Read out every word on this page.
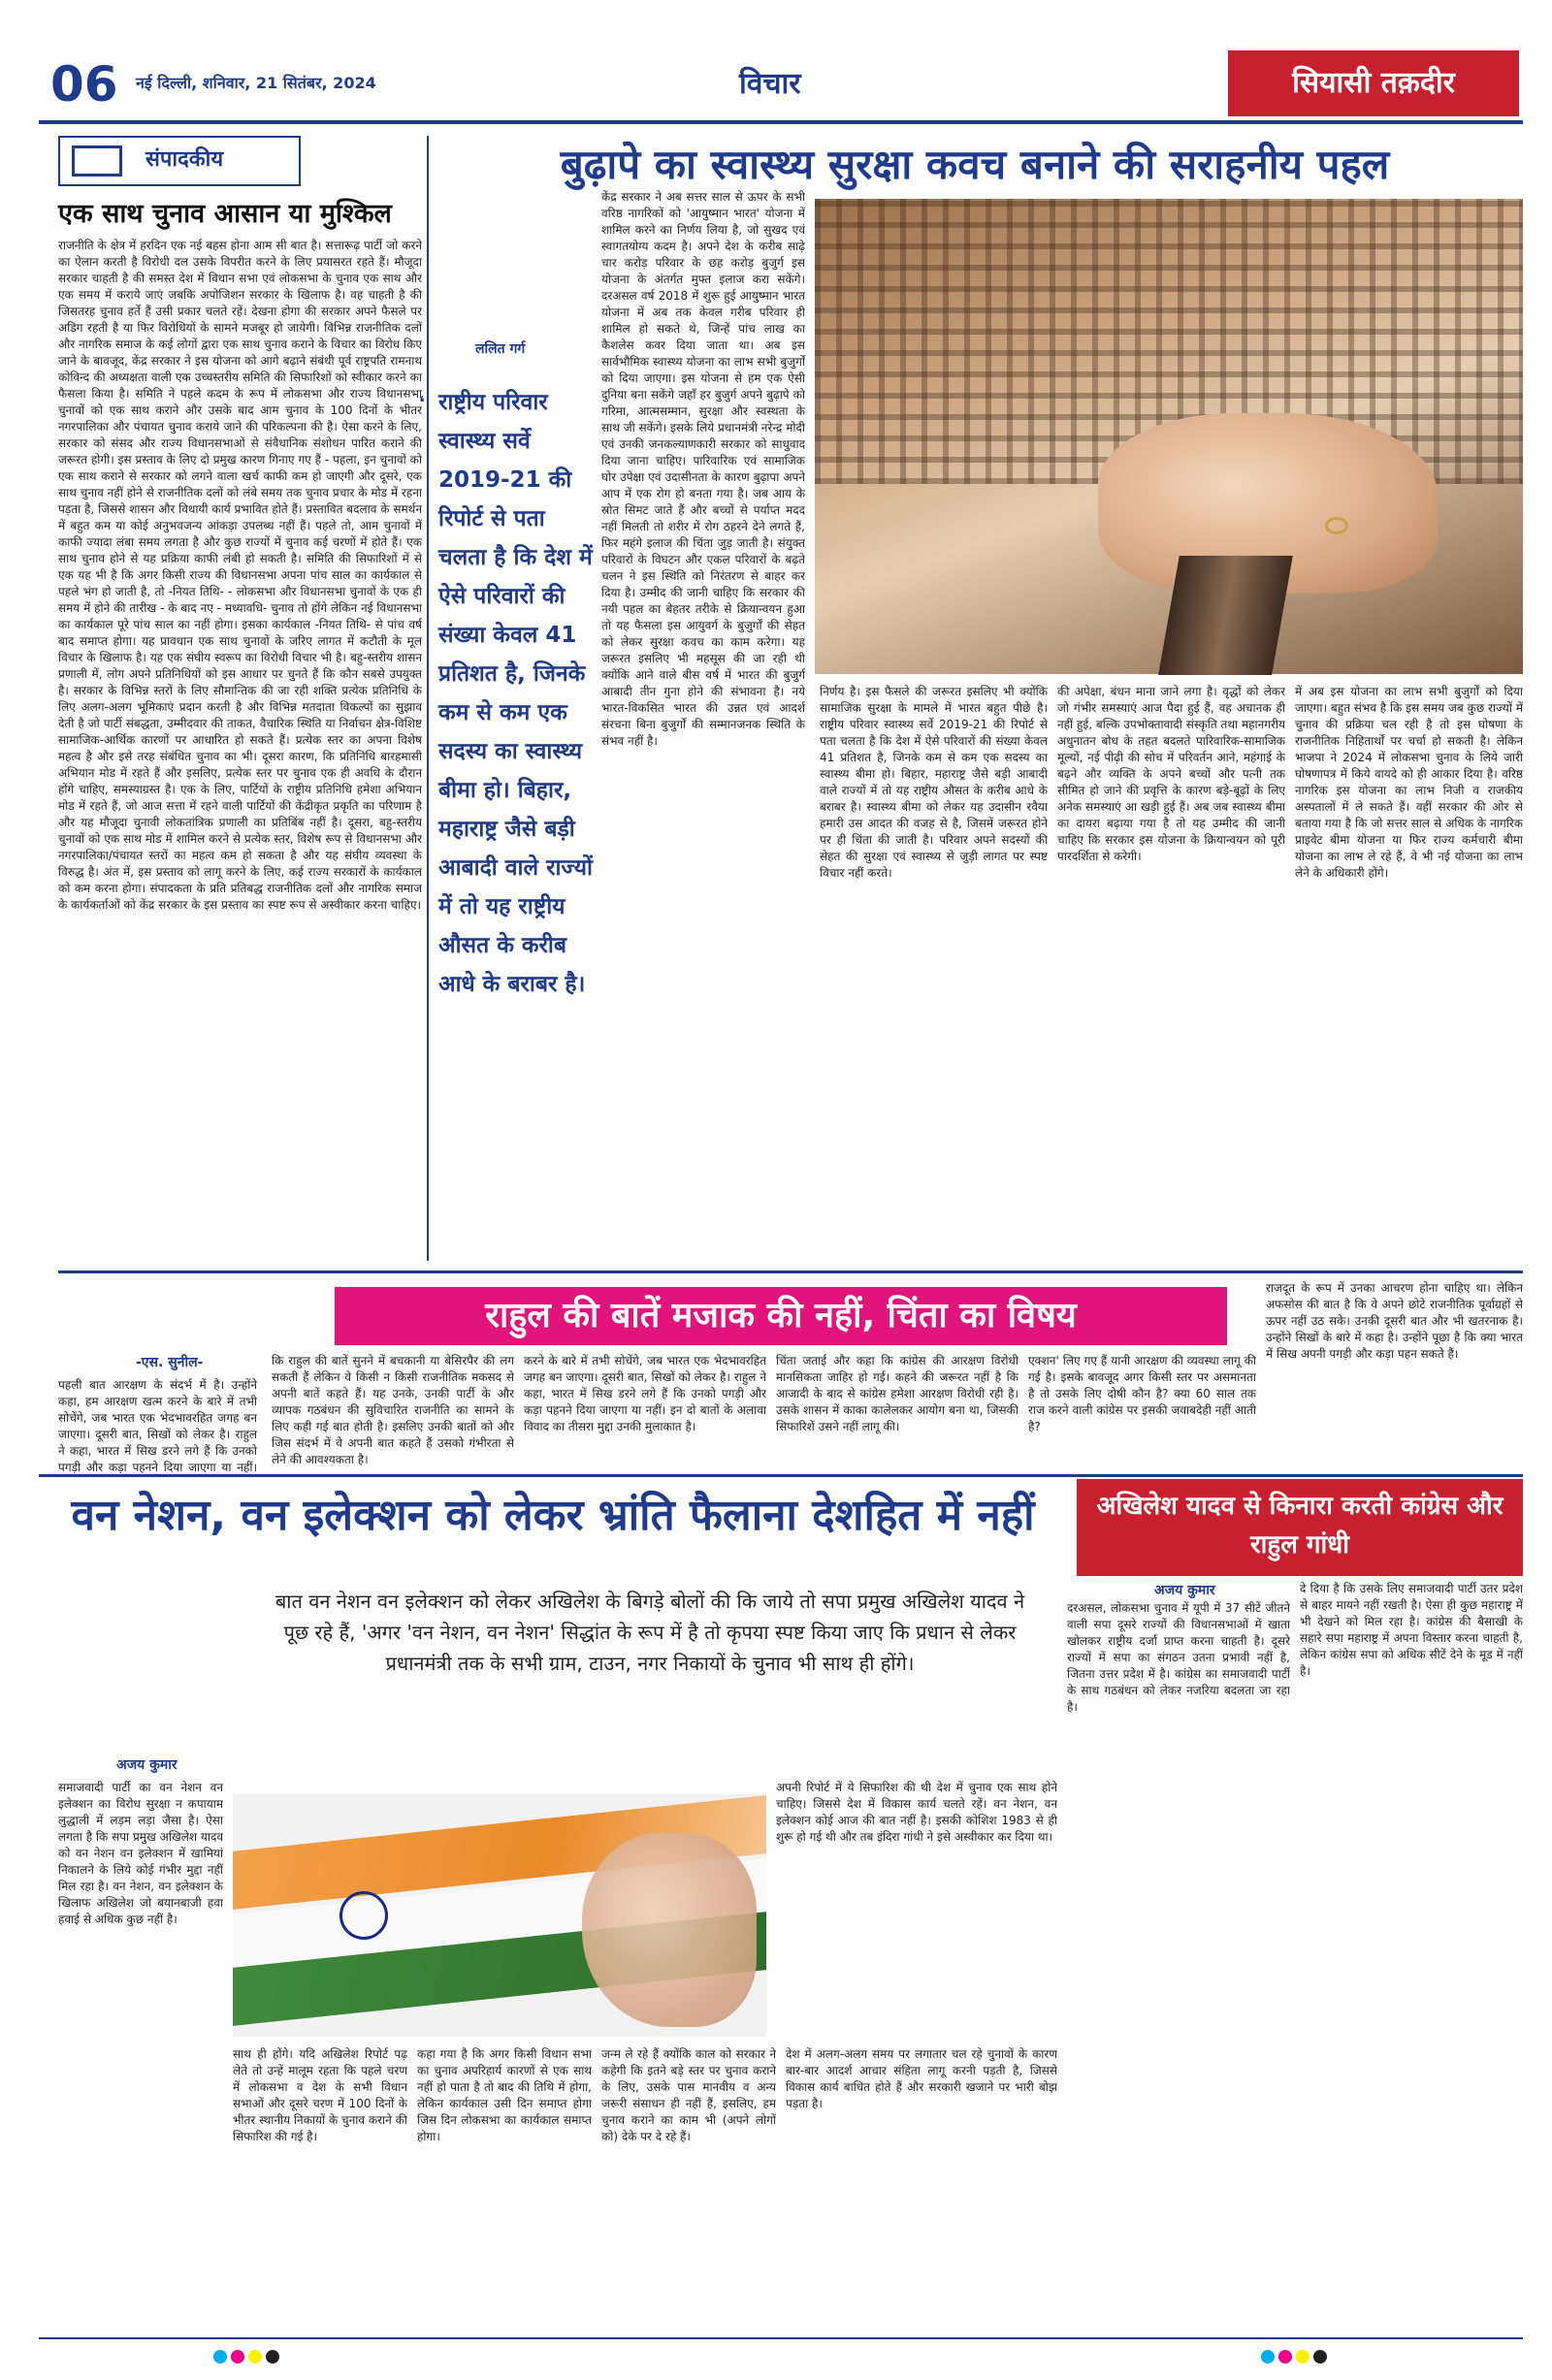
06	नई दिल्ली, शनिवार, 21 सितंबर, 2024	विचार	सियासी तक़दीर
संपादकीय
एक साथ चुनाव आसान या मुश्किल
राजनीति के क्षेत्र में हरदिन एक नई बहस होना आम सी बात है। सत्तारूढ़ पार्टी जो करने का ऐलान करती है विरोधी दल उसके विपरीत करने के लिए प्रयासरत रहते हैं। मौजूदा सरकार चाहती है की समस्त देश में विधान सभा एवं लोकसभा के चुनाव एक साथ और एक समय में कराये जाएं जबकि अपोजिशन सरकार के खिलाफ है। वह चाहती है की जिसतरह चुनाव हर्ते हैं उसी प्रकार चलते रहें। देखना होगा की सरकार अपने फैसले पर अडिग रहती है या फिर विरोधियों के सामने मजबूर हो जायेगी। विभिन्न राजनीतिक दलों और नागरिक समाज के कई लोगों द्वारा एक साथ चुनाव कराने के विचार का विरोध किए जाने के बावजूद, केंद्र सरकार ने इस योजना को आगे बढ़ाने संबंधी पूर्व राष्ट्रपति रामनाथ कोविन्द की अध्यक्षता वाली एक उच्चस्तरीय समिति की सिफारिशों को स्वीकार करने का फैसला किया है। समिति ने पहले कदम के रूप में लोकसभा और राज्य विधानसभा चुनावों को एक साथ कराने और उसके बाद आम चुनाव के 100 दिनों के भीतर नगरपालिका और पंचायत चुनाव कराये जाने की परिकल्पना की है। ऐसा करने के लिए, सरकार को संसद और राज्य विधानसभाओं से संवैधानिक संशोधन पारित कराने की जरूरत होगी। इस प्रस्ताव के लिए दो प्रमुख कारण गिनाए गए हैं - पहला, इन चुनावों को एक साथ कराने से सरकार को लगने वाला खर्च काफी कम हो जाएगी और दूसरे, एक साथ चुनाव नहीं होने से राजनीतिक दलों को लंबे समय तक चुनाव प्रचार के मोड में रहना पड़ता है, जिससे शासन और विधायी कार्य प्रभावित होते हैं। प्रस्तावित बदलाव के समर्थन में बहुत कम या कोई अनुभवजन्य आंकड़ा उपलब्ध नहीं हैं। पहले तो, आम चुनावों में काफी ज्यादा लंबा समय लगता है और कुछ राज्यों में चुनाव कई चरणों में होते हैं। एक साथ चुनाव होने से यह प्रक्रिया काफी लंबी हो सकती है। समिति की सिफारिशों में से एक यह भी है कि अगर किसी राज्य की विधानसभा अपना पांच साल का कार्यकाल से पहले भंग हो जाती है, तो -नियत तिथि- - लोकसभा और विधानसभा चुनावों के एक ही समय में होने की तारीख - के बाद नए - मध्यावधि- चुनाव तो होंगे लेकिन नई विधानसभा का कार्यकाल पूरे पांच साल का नहीं होगा। इसका कार्यकाल -नियत तिथि- से पांच वर्ष बाद समाप्त होगा। यह प्रावधान एक साथ चुनावों के जरिए लागत में कटौती के मूल विचार के खिलाफ है। यह एक संघीय स्वरूप का विरोधी विचार भी है। बहु-स्तरीय शासन प्रणाली में, लोग अपने प्रतिनिधियों को इस आधार पर चुनते हैं कि कौन सबसे उपयुक्त है। सरकार के विभिन्न स्तरों के लिए सौमान्तिक की जा रही शक्ति प्रत्येक प्रतिनिधि के लिए अलग-अलग भूमिकाएं प्रदान करती है और विभिन्न मतदाता विकल्पों का सुझाव देती है जो पार्टी संबद्धता, उम्मीदवार की ताकत, वैचारिक स्थिति या निर्वाचन क्षेत्र-विशिष्ट सामाजिक-आर्थिक कारणों पर आधारित हो सकते हैं। प्रत्येक स्तर का अपना विशेष महत्व है और इसे तरह संबंधित चुनाव का भी। दूसरा कारण, कि प्रतिनिधि बारहमासी अभियान मोड में रहते हैं और इसलिए, प्रत्येक स्तर पर चुनाव एक ही अवधि के दौरान होंगे चाहिए, समस्याग्रस्त है। एक के लिए, पार्टियों के राष्ट्रीय प्रतिनिधि हमेशा अभियान मोड में रहते हैं, जो आज सत्ता में रहने वाली पार्टियों की केंद्रीकृत प्रकृति का परिणाम है और यह मौजूदा चुनावी लोकतांत्रिक प्रणाली का प्रतिबिंब नहीं है। दूसरा, बहु-स्तरीय चुनावों को एक साथ मोड में शामिल करने से प्रत्येक स्तर, विशेष रूप से विधानसभा और नगरपालिका/पंचायत स्तरों का महत्व कम हो सकता है और यह संघीय व्यवस्था के विरुद्ध है। अंत में, इस प्रस्ताव को लागू करने के लिए, कई राज्य सरकारों के कार्यकाल को कम करना होगा। संपादकता के प्रति प्रतिबद्ध राजनीतिक दलों और नागरिक समाज के कार्यकर्ताओं को केंद्र सरकार के इस प्रस्ताव का स्पष्ट रूप से अस्वीकार करना चाहिए।
बुढ़ापे का स्वास्थ्य सुरक्षा कवच बनाने की सराहनीय पहल
ललित गर्ग
❛ राष्ट्रीय परिवार स्वास्थ्य सर्वे 2019-21 की रिपोर्ट से पता चलता है कि देश में ऐसे परिवारों की संख्या केवल 41 प्रतिशत है, जिनके कम से कम एक सदस्य का स्वास्थ्य बीमा हो। बिहार, महाराष्ट्र जैसे बड़ी आबादी वाले राज्यों में तो यह राष्ट्रीय औसत के करीब आधे के बराबर है।
केंद्र सरकार ने अब सत्तर साल से ऊपर के सभी वरिष्ठ नागरिकों को 'आयुष्मान भारत' योजना में शामिल करने का निर्णय लिया है, जो सुखद एवं स्वागतयोग्य कदम है। अपने देश के करीब साढ़े चार करोड़ परिवार के छह करोड़ बुजुर्ग इस योजना के अंतर्गत मुफ्त इलाज करा सकेंगे। दरअसल वर्ष 2018 में शुरू हुई आयुष्मान भारत योजना में अब तक केवल गरीब परिवार ही शामिल हो सकते थे, जिन्हें पांच लाख का कैशलेस कवर दिया जाता था। अब इस सार्वभौमिक स्वास्थ्य योजना का लाभ सभी बुजुर्गों को दिया जाएगा। इस योजना से हम एक ऐसी दुनिया बना सकेंगे जहाँ हर बुजुर्ग अपने बुढ़ापे को गरिमा, आत्मसम्मान, सुरक्षा और स्वस्थता के साथ जी सकेंगे। इसके लिये प्रधानमंत्री नरेन्द्र मोदी एवं उनकी जनकल्याणकारी सरकार को साधुवाद दिया जाना चाहिए। पारिवारिक एवं सामाजिक घोर उपेक्षा एवं उदासीनता के कारण बुढ़ापा अपने आप में एक रोग हो बनता गया है। जब आय के स्रोत सिमट जाते हैं और बच्चों से पर्याप्त मदद नहीं मिलती तो शरीर में रोग ठहरने देने लगते हैं, फिर महंगे इलाज की चिंता जुड़ जाती है। संयुक्त परिवारों के विघटन और एकल परिवारों के बढ़ते चलन ने इस स्थिति को निरंतरण से बाहर कर दिया है। उम्मीद की जानी चाहिए कि सरकार की नयी पहल का बेहतर तरीके से क्रियान्वयन हुआ तो यह फैसला इस आयुवर्ग के बुजुर्गों की सेहत को लेकर सुरक्षा कवच का काम करेगा। यह जरूरत इसलिए भी महसूस की जा रही थी क्योंकि आने वाले बीस वर्ष में भारत की बुजुर्ग आबादी तीन गुना होने की संभावना है। नये भारत-विकसित भारत की उन्नत एवं आदर्श संरचना बिना बुजुर्गों की सम्मानजनक स्थिति के संभव नहीं है।
निर्णय है। इस फैसले की जरूरत इसलिए भी क्योंकि सामाजिक सुरक्षा के मामले में भारत बहुत पीछे है। राष्ट्रीय परिवार स्वास्थ्य सर्वे 2019-21 की रिपोर्ट से पता चलता है कि देश में ऐसे परिवारों की संख्या केवल 41 प्रतिशत है, जिनके कम से कम एक सदस्य का स्वास्थ्य बीमा हो। बिहार, महाराष्ट्र जैसे बड़ी आबादी वाले राज्यों में तो यह राष्ट्रीय औसत के करीब आधे के बराबर है। स्वास्थ्य बीमा को लेकर यह उदासीन रवैया हमारी उस आदत की वजह से है, जिसमें जरूरत होने पर ही चिंता की जाती है। परिवार अपने सदस्यों की सेहत की सुरक्षा एवं स्वास्थ्य से जुड़ी लागत पर स्पष्ट विचार नहीं करते।
की अपेक्षा, बंधन माना जाने लगा है। वृद्धों को लेकर जो गंभीर समस्याएं आज पैदा हुई हैं, वह अचानक ही नहीं हुई, बल्कि उपभोक्तावादी संस्कृति तथा महानगरीय अधुनातन बोध के तहत बदलते पारिवारिक-सामाजिक मूल्यों, नई पीढ़ी की सोच में परिवर्तन आने, महंगाई के बढ़ने और व्यक्ति के अपने बच्चों और पत्नी तक सीमित हो जाने की प्रवृत्ति के कारण बड़े-बूढ़ों के लिए अनेक समस्याएं आ खड़ी हुई हैं। अब जब स्वास्थ्य बीमा का दायरा बढ़ाया गया है तो यह उम्मीद की जानी चाहिए कि सरकार इस योजना के क्रियान्वयन को पूरी पारदर्शिता से करेगी।
में अब इस योजना का लाभ सभी बुजुर्गों को दिया जाएगा। बहुत संभव है कि इस समय जब कुछ राज्यों में चुनाव की प्रक्रिया चल रही है तो इस घोषणा के राजनीतिक निहितार्थों पर चर्चा हो सकती है। लेकिन भाजपा ने 2024 में लोकसभा चुनाव के लिये जारी घोषणापत्र में किये वायदे को ही आकार दिया है। वरिष्ठ नागरिक इस योजना का लाभ निजी व राजकीय अस्पतालों में ले सकते हैं। वहीं सरकार की ओर से बताया गया है कि जो सत्तर साल से अधिक के नागरिक प्राइवेट बीमा योजना या फिर राज्य कर्मचारी बीमा योजना का लाभ ले रहे हैं, वे भी नई योजना का लाभ लेने के अधिकारी होंगे।
राहुल की बातें मजाक की नहीं, चिंता का विषय
-एस. सुनील-
पहली बात आरक्षण के संदर्भ में है। उन्होंने कहा, हम आरक्षण खत्म करने के बारे में तभी सोचेंगे, जब भारत एक भेदभावरहित जगह बन जाएगा। दूसरी बात, सिखों को लेकर है। राहुल ने कहा, भारत में सिख डरने लगे हैं कि उनको पगड़ी और कड़ा पहनने दिया जाएगा या नहीं।
कि राहुल की बातें सुनने में बचकानी या बेसिरपैर की लग सकती हैं लेकिन वे किसी न किसी राजनीतिक मकसद से अपनी बातें कहते हैं। यह उनके, उनकी पार्टी के और व्यापक गठबंधन की सुविचारित राजनीति का सामने के लिए कही गई बात होती है। इसलिए उनकी बातों को और जिस संदर्भ में वे अपनी बात कहते हैं उसको गंभीरता से लेने की आवश्यकता है।
करने के बारे में तभी सोचेंगे, जब भारत एक भेदभावरहित जगह बन जाएगा। दूसरी बात, सिखों को लेकर है। राहुल ने कहा, भारत में सिख डरने लगे हैं कि उनको पगड़ी और कड़ा पहनने दिया जाएगा या नहीं। इन दो बातों के अलावा विवाद का तीसरा मुद्दा उनकी मुलाकात है।
चिंता जताई और कहा कि कांग्रेस की आरक्षण विरोधी मानसिकता जाहिर हो गई। कहने की जरूरत नहीं है कि आजादी के बाद से कांग्रेस हमेशा आरक्षण विरोधी रही है। उसके शासन में काका कालेलकर आयोग बना था, जिसकी सिफारिशें उसने नहीं लागू की।
एक्शन' लिए गए हैं यानी आरक्षण की व्यवस्था लागू की गई है। इसके बावजूद अगर किसी स्तर पर असमानता है तो उसके लिए दोषी कौन है? क्या 60 साल तक राज करने वाली कांग्रेस पर इसकी जवाबदेही नहीं आती है?
राजदूत के रूप में उनका आचरण होना चाहिए था। लेकिन अफसोस की बात है कि वे अपने छोटे राजनीतिक पूर्वाग्रहों से ऊपर नहीं उठ सके। उनकी दूसरी बात और भी खतरनाक है। उन्होंने सिखों के बारे में कहा है। उन्होंने पूछा है कि क्या भारत में सिख अपनी पगड़ी और कड़ा पहन सकते हैं।
वन नेशन, वन इलेक्शन को लेकर भ्रांति फैलाना देशहित में नहीं
बात वन नेशन वन इलेक्शन को लेकर अखिलेश के बिगड़े बोलों की कि जाये तो सपा प्रमुख अखिलेश यादव ने पूछ रहे हैं, 'अगर 'वन नेशन, वन नेशन' सिद्धांत के रूप में है तो कृपया स्पष्ट किया जाए कि प्रधान से लेकर प्रधानमंत्री तक के सभी ग्राम, टाउन, नगर निकायों के चुनाव भी साथ ही होंगे।
अजय कुमार
समाजवादी पार्टी का वन नेशन वन इलेक्शन का विरोध सुरक्षा न कपायाम लुद्धाली में लड़म लड़ा जैसा है। ऐसा लगता है कि सपा प्रमुख अखिलेश यादव को वन नेशन वन इलेक्शन में खामियां निकालने के लिये कोई गंभीर मुद्दा नहीं मिल रहा है। वन नेशन, वन इलेक्शन के खिलाफ अखिलेश जो बयानबाजी हवा हवाई से अधिक कुछ नहीं है।
अपनी रिपोर्ट में ये सिफारिश की थी देश में चुनाव एक साथ होने चाहिए। जिससे देश में विकास कार्य चलते रहें। वन नेशन, वन इलेक्शन कोई आज की बात नहीं है। इसकी कोशिश 1983 से ही शुरू हो गई थी और तब इंदिरा गांधी ने इसे अस्वीकार कर दिया था।
साथ ही होंगे। यदि अखिलेश रिपोर्ट पढ़ लेते तो उन्हें मालूम रहता कि पहले चरण में लोकसभा व देश के सभी विधान सभाओं और दूसरे चरण में 100 दिनों के भीतर स्थानीय निकायों के चुनाव कराने की सिफारिश की गई है।
कहा गया है कि अगर किसी विधान सभा का चुनाव अपरिहार्य कारणों से एक साथ नहीं हो पाता है तो बाद की तिथि में होगा, लेकिन कार्यकाल उसी दिन समाप्त होगा जिस दिन लोकसभा का कार्यकाल समाप्त होगा।
जन्म ले रहे हैं क्योंकि काल को सरकार ने कहेगी कि इतने बड़े स्तर पर चुनाव कराने के लिए, उसके पास मानवीय व अन्य जरूरी संसाधन ही नहीं हैं, इसलिए, हम चुनाव कराने का काम भी (अपने लोगों को) देके पर दे रहे हैं।
देश में अलग-अलग समय पर लगातार चल रहे चुनावों के कारण बार-बार आदर्श आचार संहिता लागू करनी पड़ती है, जिससे विकास कार्य बाधित होते हैं और सरकारी खजाने पर भारी बोझ पड़ता है।
अखिलेश यादव से किनारा करती कांग्रेस और राहुल गांधी
अजय कुमार
दरअसल, लोकसभा चुनाव में यूपी में 37 सीटें जीतने वाली सपा दूसरे राज्यों की विधानसभाओं में खाता खोलकर राष्ट्रीय दर्जा प्राप्त करना चाहती है। दूसरे राज्यों में सपा का संगठन उतना प्रभावी नहीं है, जितना उत्तर प्रदेश में है। कांग्रेस का समाजवादी पार्टी के साथ गठबंधन को लेकर नजरिया बदलता जा रहा है।
दे दिया है कि उसके लिए समाजवादी पार्टी उतर प्रदेश से बाहर मायने नहीं रखती है। ऐसा ही कुछ महाराष्ट्र में भी देखने को मिल रहा है। कांग्रेस की बैसाखी के सहारे सपा महाराष्ट्र में अपना विस्तार करना चाहती है, लेकिन कांग्रेस सपा को अधिक सीटें देने के मूड में नहीं है।
